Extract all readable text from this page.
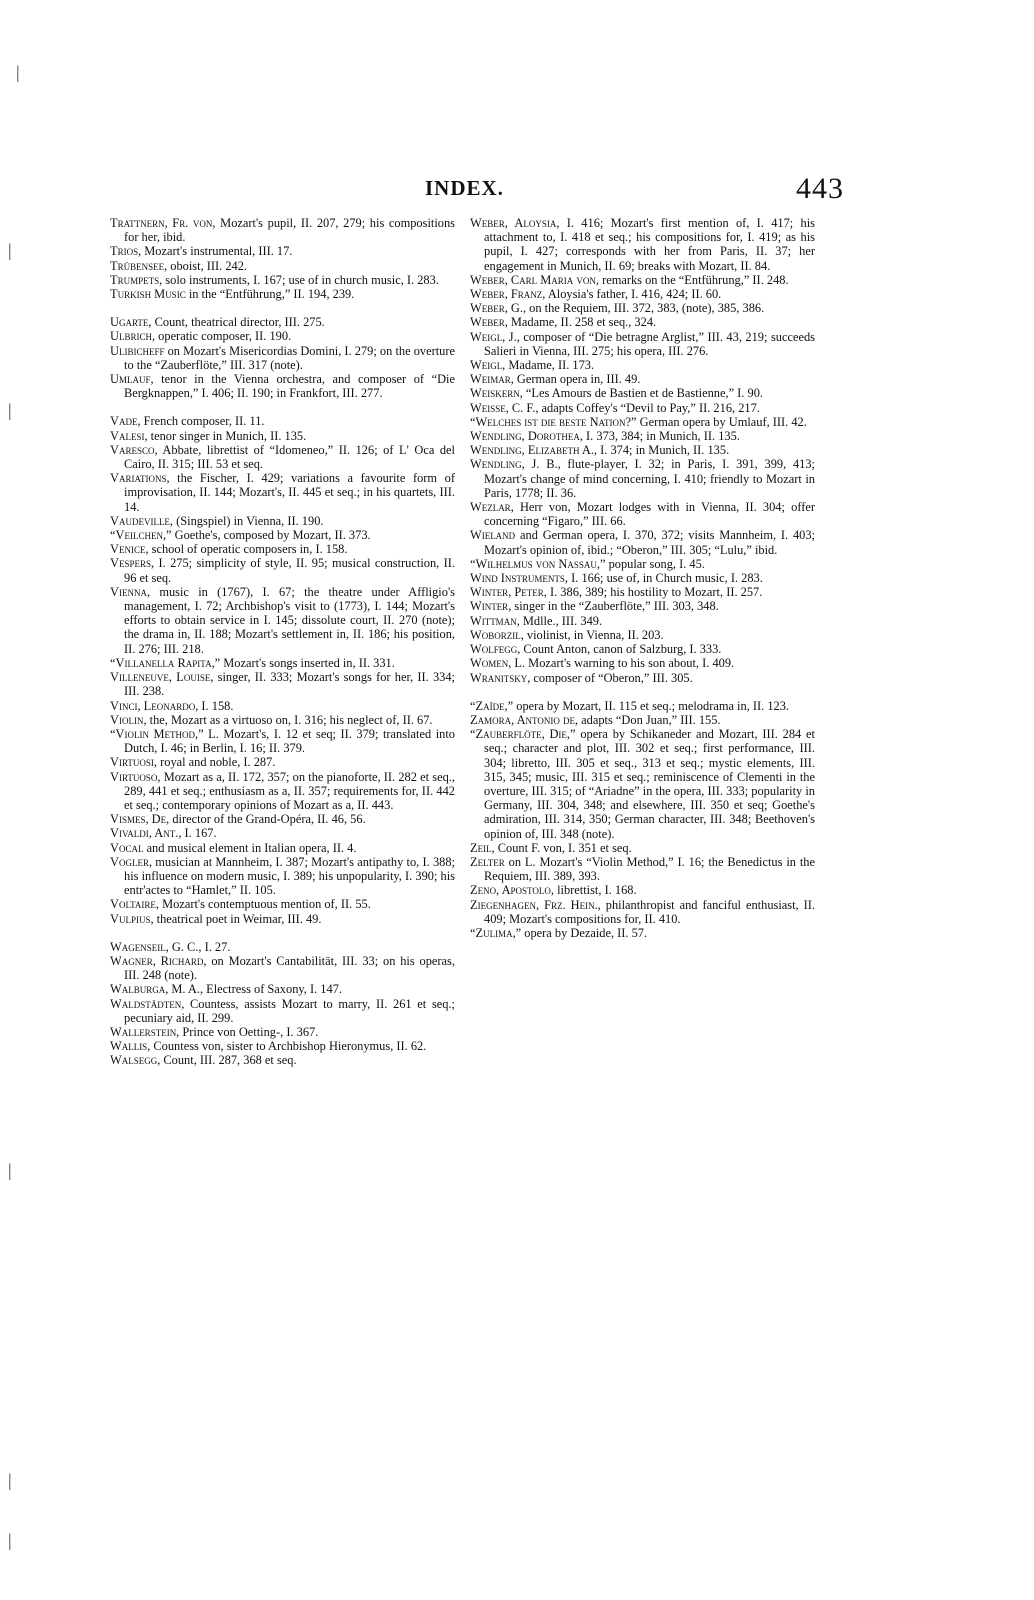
INDEX.	443

Trattnern, Fr. von, Mozart's pupil, II. 207, 279; his compositions for her, ibid.

Trios, Mozart's instrumental, III. 17.

Trübensee, oboist, III. 242.

Trumpets, solo instruments, I. 167; use of in church music, I. 283.

Turkish Music in the “Entführung,” II. 194, 239.

Ugarte, Count, theatrical director, III. 275.

Ulbrich, operatic composer, II. 190.

Ulibicheff on Mozart's Misericordias Domini, I. 279; on the overture to the “Zauberflöte,” III. 317 (note).

Umlauf, tenor in the Vienna orchestra, and composer of “Die Bergknappen,” I. 406; II. 190; in Frankfort, III. 277.

Vade, French composer, II. 11.

Valesi, tenor singer in Munich, II. 135.

Varesco, Abbate, librettist of “Idomeneo,” II. 126; of L' Oca del Cairo, II. 315; III. 53 et seq.

Variations, the Fischer, I. 429; variations a favourite form of improvisation, II. 144; Mozart's, II. 445 et seq.; in his quartets, III. 14.

Vaudeville, (Singspiel) in Vienna, II. 190.

“Veilchen,” Goethe's, composed by Mozart, II. 373.

Venice, school of operatic composers in, I. 158.

Vespers, I. 275; simplicity of style, II. 95; musical construction, II. 96 et seq.

Vienna, music in (1767), I. 67; the theatre under Affligio's management, I. 72; Archbishop's visit to (1773), I. 144; Mozart's efforts to obtain service in I. 145; dissolute court, II. 270 (note); the drama in, II. 188; Mozart's settlement in, II. 186; his position, II. 276; III. 218.

“Villanella Rapita,” Mozart's songs inserted in, II. 331.

Villeneuve, Louise, singer, II. 333; Mozart's songs for her, II. 334; III. 238.

Vinci, Leonardo, I. 158.

Violin, the, Mozart as a virtuoso on, I. 316; his neglect of, II. 67.

“Violin Method,” L. Mozart's, I. 12 et seq; II. 379; translated into Dutch, I. 46; in Berlin, I. 16; II. 379.

Virtuosi, royal and noble, I. 287.

Virtuoso, Mozart as a, II. 172, 357; on the pianoforte, II. 282 et seq., 289, 441 et seq.; enthusiasm as a, II. 357; requirements for, II. 442 et seq.; contemporary opinions of Mozart as a, II. 443.

Vismes, De, director of the Grand-Opéra, II. 46, 56.

Vivaldi, Ant., I. 167.

Vocal and musical element in Italian opera, II. 4.

Vogler, musician at Mannheim, I. 387; Mozart's antipathy to, I. 388; his influence on modern music, I. 389; his unpopularity, I. 390; his entr'actes to “Hamlet,” II. 105.

Voltaire, Mozart's contemptuous mention of, II. 55.

Vulpius, theatrical poet in Weimar, III. 49.

Wagenseil, G. C., I. 27.

Wagner, Richard, on Mozart's Cantabilität, III. 33; on his operas, III. 248 (note).

Walburga, M. A., Electress of Saxony, I. 147.

Waldstädten, Countess, assists Mozart to marry, II. 261 et seq.; pecuniary aid, II. 299.

Wallerstein, Prince von Oetting-, I. 367.

Wallis, Countess von, sister to Archbishop Hieronymus, II. 62.

Walsegg, Count, III. 287, 368 et seq.

Weber, Aloysia, I. 416; Mozart's first mention of, I. 417; his attachment to, I. 418 et seq.; his compositions for, I. 419; as his pupil, I. 427; corresponds with her from Paris, II. 37; her engagement in Munich, II. 69; breaks with Mozart, II. 84.

Weber, Carl Maria von, remarks on the “Entführung,” II. 248.

Weber, Franz, Aloysia's father, I. 416, 424; II. 60.

Weber, G., on the Requiem, III. 372, 383, (note), 385, 386.

Weber, Madame, II. 258 et seq., 324.

Weigl, J., composer of “Die betragne Arglist,” III. 43, 219; succeeds Salieri in Vienna, III. 275; his opera, III. 276.

Weigl, Madame, II. 173.

Weimar, German opera in, III. 49.

Weiskern, “Les Amours de Bastien et de Bastienne,” I. 90.

Weisse, C. F., adapts Coffey's “Devil to Pay,” II. 216, 217.

“Welches ist die beste Nation?” German opera by Umlauf, III. 42.

Wendling, Dorothea, I. 373, 384; in Munich, II. 135.

Wendling, Elizabeth A., I. 374; in Munich, II. 135.

Wendling, J. B., flute-player, I. 32; in Paris, I. 391, 399, 413; Mozart's change of mind concerning, I. 410; friendly to Mozart in Paris, 1778; II. 36.

Wezlar, Herr von, Mozart lodges with in Vienna, II. 304; offer concerning “Figaro,” III. 66.

Wieland and German opera, I. 370, 372; visits Mannheim, I. 403; Mozart's opinion of, ibid.; “Oberon,” III. 305; “Lulu,” ibid.

“Wilhelmus von Nassau,” popular song, I. 45.

Wind Instruments, I. 166; use of, in Church music, I. 283.

Winter, Peter, I. 386, 389; his hostility to Mozart, II. 257.

Winter, singer in the “Zauberflöte,” III. 303, 348.

Wittman, Mdlle., III. 349.

Woborzil, violinist, in Vienna, II. 203.

Wolfegg, Count Anton, canon of Salzburg, I. 333.

Women, L. Mozart's warning to his son about, I. 409.

Wranitsky, composer of “Oberon,” III. 305.

“Zaïde,” opera by Mozart, II. 115 et seq.; melodrama in, II. 123.

Zamora, Antonio de, adapts “Don Juan,” III. 155.

“Zauberflöte, Die,” opera by Schikaneder and Mozart, III. 284 et seq.; character and plot, III. 302 et seq.; first performance, III. 304; libretto, III. 305 et seq., 313 et seq.; mystic elements, III. 315, 345; music, III. 315 et seq.; reminiscence of Clementi in the overture, III. 315; of “Ariadne” in the opera, III. 333; popularity in Germany, III. 304, 348; and elsewhere, III. 350 et seq; Goethe's admiration, III. 314, 350; German character, III. 348; Beethoven's opinion of, III. 348 (note).

Zeil, Count F. von, I. 351 et seq.

Zelter on L. Mozart's “Violin Method,” I. 16; the Benedictus in the Requiem, III. 389, 393.

Zeno, Apostolo, librettist, I. 168.

Ziegenhagen, Frz. Hein., philanthropist and fanciful enthusiast, II. 409; Mozart's compositions for, II. 410.

“Zulima,” opera by Dezaide, II. 57.

|
|
|
|
|
|
